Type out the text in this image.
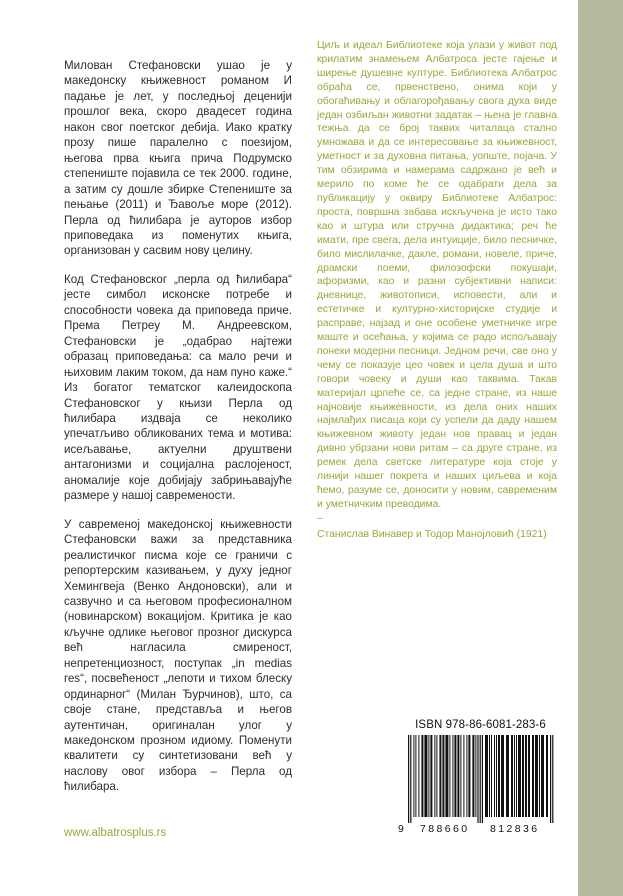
Милован Стефановски ушао је у македонску књижевност романом И падање је лет, у последњој деценији прошлог века, скоро двадесет година након свог поетског дебија. Иако кратку прозу пише паралелно с поезијом, његова прва књига прича Подрумско степениште појавила се тек 2000. године, а затим су дошле збирке Степениште за пењање (2011) и Ђавоље море (2012). Перла од ћилибара је ауторов избор приповедака из поменутих књига, организован у сасвим нову целину.

Код Стефановског „перла од ћилибара“ јесте симбол исконске потребе и способности човека да приповеда приче. Према Петреу М. Андреевском, Стефановски је „одабрао најтежи образац приповедања: са мало речи и њиховим лаким током, да нам пуно каже.“ Из богатог тематског калеидоскопа Стефановског у књизи Перла од ћилибара издваја се неколико упечатљиво обликованих тема и мотива: исељавање, актуелни друштвени антагонизми и социјална раслојеност, аномалије које добијају забрињавајуће размере у нашој савремености.

У савременој македонској књижевности Стефановски важи за представника реалистичког писма које се граничи с репортерским казивањем, у духу једног Хемингвеја (Венко Андоновски), али и сазвучно и са његовом професионалном (новинарском) вокацијом. Критика је као кључне одлике његовог прозног дискурса већ нагласила смиреност, непретенциозност, поступак „in medias res“, посвећеност „лепоти и тихом блеску ординарног“ (Милан Ђурчинов), што, са своје стане, представља и његов аутентичан, оригиналан улог у македонском прозном идиому. Поменути квалитети су синтетизовани већ у наслову овог избора – Перла од ћилибара.

Циљ и идеал Библиотеке која улази у живот под крилатим знамењем Албатроса јесте гајење и ширење душевне културе. Библиотека Албатрос обраћа се, првенствено, онима који у обогаћивању и облагорођавању свога духа виде један озбиљан животни задатак – њена је главна тежња да се број таквих читалаца стално умножава и да се интересовање за књижевност, уметност и за духовна питања, уопште, појача. У тим обзирима и намерама садржано је већ и мерило по коме ће се одабрати дела за публикацију у оквиру Библиотеке Албатрос: проста, површна забава искључена је исто тако као и штура или стручна дидактика; реч ће имати, пре свега, дела интуиције, било песничке, било мислилачке, дакле, романи, новеле, приче, драмски поеми, филозофски покушаји, афоризми, као и разни субјективни написи: дневнице, животописи, исповести, али и естетичке и културно-хисторијске студије и расправе, најзад и оне особене уметничке игре маште и осећања, у којима се радо испољавају понеки модерни песници. Једном речи, све оно у чему се показује цео човек и цела душа и што говори човеку и души као таквима. Такав материјал црпеће се, са једне стране, из наше најновије књижевности, из дела оних наших најмлађих писаца који су успели да даду нашем књижевном животу један нов правац и један дивно убрзани нови ритам – са друге стране, из ремек дела светске литературе која стоје у линији нашег покрета и наших циљева и која ћемо, разуме се, доносити у новим, савременим и уметничким преводима.

–

Станислав Винавер и Тодор Манојловић (1921)

www.albatrosplus.rs
ISBN 978-86-6081-283-6
9 788660 812836
